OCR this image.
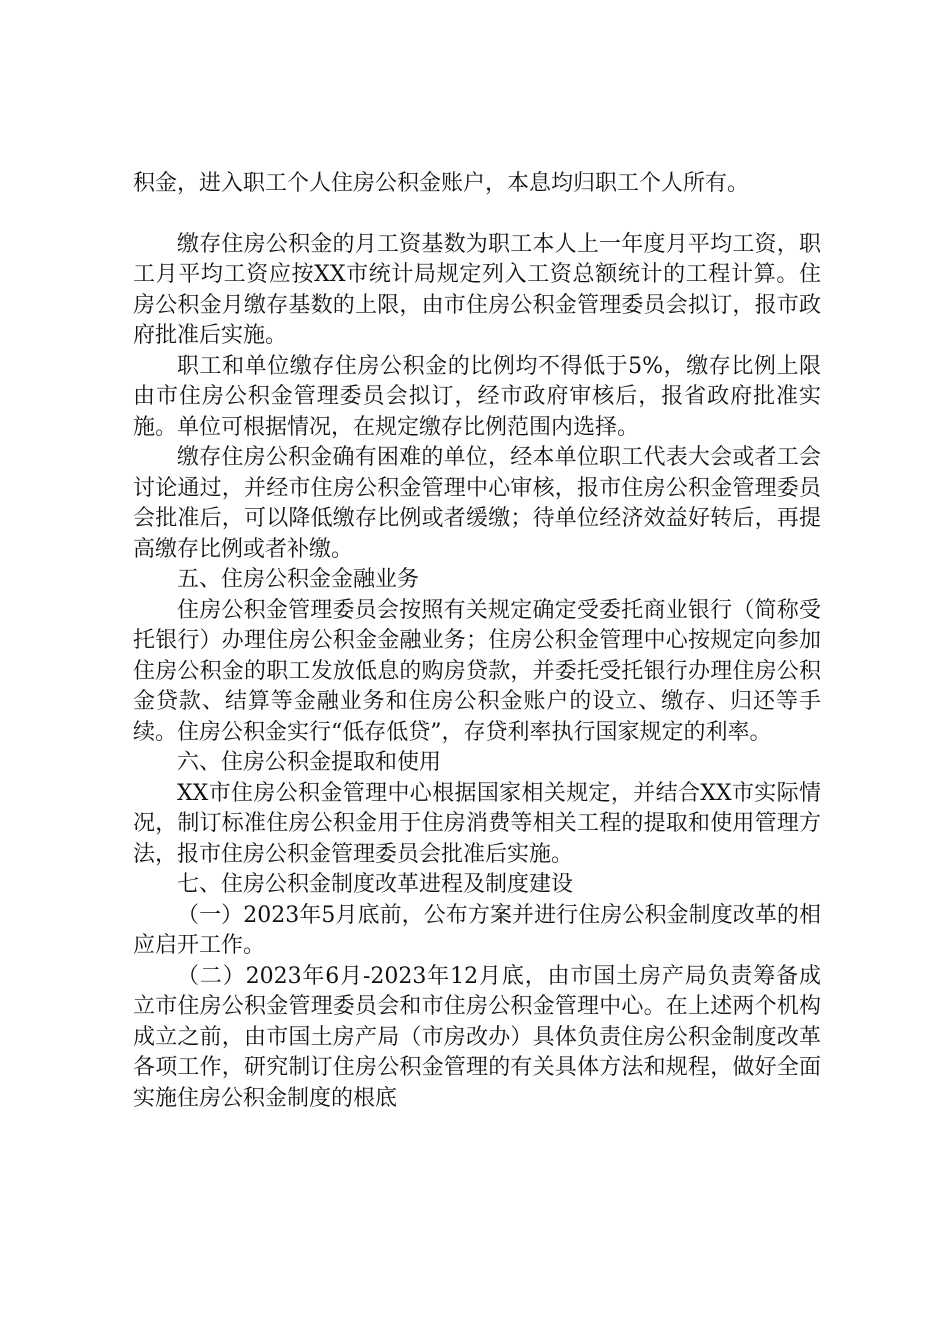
积金，进入职工个人住房公积金账户，本息均归职工个人所有。

缴存住房公积金的月工资基数为职工本人上一年度月平均工资，职工月平均工资应按XX市统计局规定列入工资总额统计的工程计算。住房公积金月缴存基数的上限，由市住房公积金管理委员会拟订，报市政府批准后实施。

职工和单位缴存住房公积金的比例均不得低于5%，缴存比例上限由市住房公积金管理委员会拟订，经市政府审核后，报省政府批准实施。单位可根据情况，在规定缴存比例范围内选择。

缴存住房公积金确有困难的单位，经本单位职工代表大会或者工会讨论通过，并经市住房公积金管理中心审核，报市住房公积金管理委员会批准后，可以降低缴存比例或者缓缴；待单位经济效益好转后，再提高缴存比例或者补缴。

五、住房公积金金融业务

住房公积金管理委员会按照有关规定确定受委托商业银行（简称受托银行）办理住房公积金金融业务；住房公积金管理中心按规定向参加住房公积金的职工发放低息的购房贷款，并委托受托银行办理住房公积金贷款、结算等金融业务和住房公积金账户的设立、缴存、归还等手续。住房公积金实行“低存低贷”，存贷利率执行国家规定的利率。

六、住房公积金提取和使用

XX市住房公积金管理中心根据国家相关规定，并结合XX市实际情况，制订标准住房公积金用于住房消费等相关工程的提取和使用管理方法，报市住房公积金管理委员会批准后实施。

七、住房公积金制度改革进程及制度建设

（一）2023年5月底前，公布方案并进行住房公积金制度改革的相应启开工作。

（二）2023年6月-2023年12月底，由市国土房产局负责筹备成立市住房公积金管理委员会和市住房公积金管理中心。在上述两个机构成立之前，由市国土房产局（市房改办）具体负责住房公积金制度改革各项工作，研究制订住房公积金管理的有关具体方法和规程，做好全面实施住房公积金制度的根底
